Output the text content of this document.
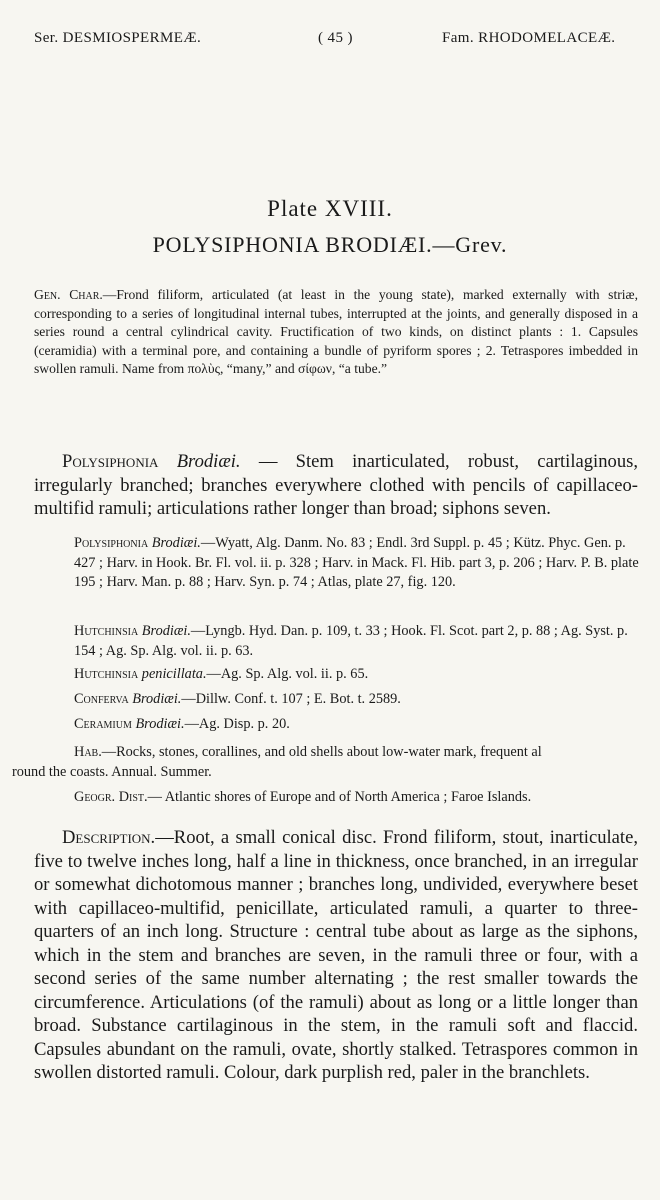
Ser. DESMIOSPERMEÆ.	( 45 )	Fam. RHODOMELACEÆ.
Plate XVIII.
POLYSIPHONIA BRODIÆI.—Grev.
Gen. Char.—Frond filiform, articulated (at least in the young state), marked externally with striæ, corresponding to a series of longitudinal internal tubes, interrupted at the joints, and generally disposed in a series round a central cylindrical cavity. Fructification of two kinds, on distinct plants : 1. Capsules (ceramidia) with a terminal pore, and containing a bundle of pyriform spores ; 2. Tetraspores imbedded in swollen ramuli. Name from πολὺς, “many,” and σίφων, “a tube.”
Polysiphonia Brodiæi. — Stem inarticulated, robust, cartilaginous, irregularly branched; branches everywhere clothed with pencils of capillaceo-multifid ramuli; articulations rather longer than broad; siphons seven.
Polysiphonia Brodiæi.—Wyatt, Alg. Danm. No. 83 ; Endl. 3rd Suppl. p. 45 ; Kütz. Phyc. Gen. p. 427 ; Harv. in Hook. Br. Fl. vol. ii. p. 328 ; Harv. in Mack. Fl. Hib. part 3, p. 206 ; Harv. P. B. plate 195 ; Harv. Man. p. 88 ; Harv. Syn. p. 74 ; Atlas, plate 27, fig. 120.
Hutchinsia Brodiæi.—Lyngb. Hyd. Dan. p. 109, t. 33 ; Hook. Fl. Scot. part 2, p. 88 ; Ag. Syst. p. 154 ; Ag. Sp. Alg. vol. ii. p. 63.
Hutchinsia penicillata.—Ag. Sp. Alg. vol. ii. p. 65.
Conferva Brodiæi.—Dillw. Conf. t. 107 ; E. Bot. t. 2589.
Ceramium Brodiæi.—Ag. Disp. p. 20.
Hab.—Rocks, stones, corallines, and old shells about low-water mark, frequent al
round the coasts. Annual. Summer.
Geogr. Dist.— Atlantic shores of Europe and of North America ; Faroe Islands.
Description.—Root, a small conical disc. Frond filiform, stout, inarticulate, five to twelve inches long, half a line in thickness, once branched, in an irregular or somewhat dichotomous manner ; branches long, undivided, everywhere beset with capillaceo-multifid, penicillate, articulated ramuli, a quarter to three-quarters of an inch long. Structure : central tube about as large as the siphons, which in the stem and branches are seven, in the ramuli three or four, with a second series of the same number alternating ; the rest smaller towards the circumference. Articulations (of the ramuli) about as long or a little longer than broad. Substance cartilaginous in the stem, in the ramuli soft and flaccid. Capsules abundant on the ramuli, ovate, shortly stalked. Tetraspores common in swollen distorted ramuli. Colour, dark purplish red, paler in the branchlets.
